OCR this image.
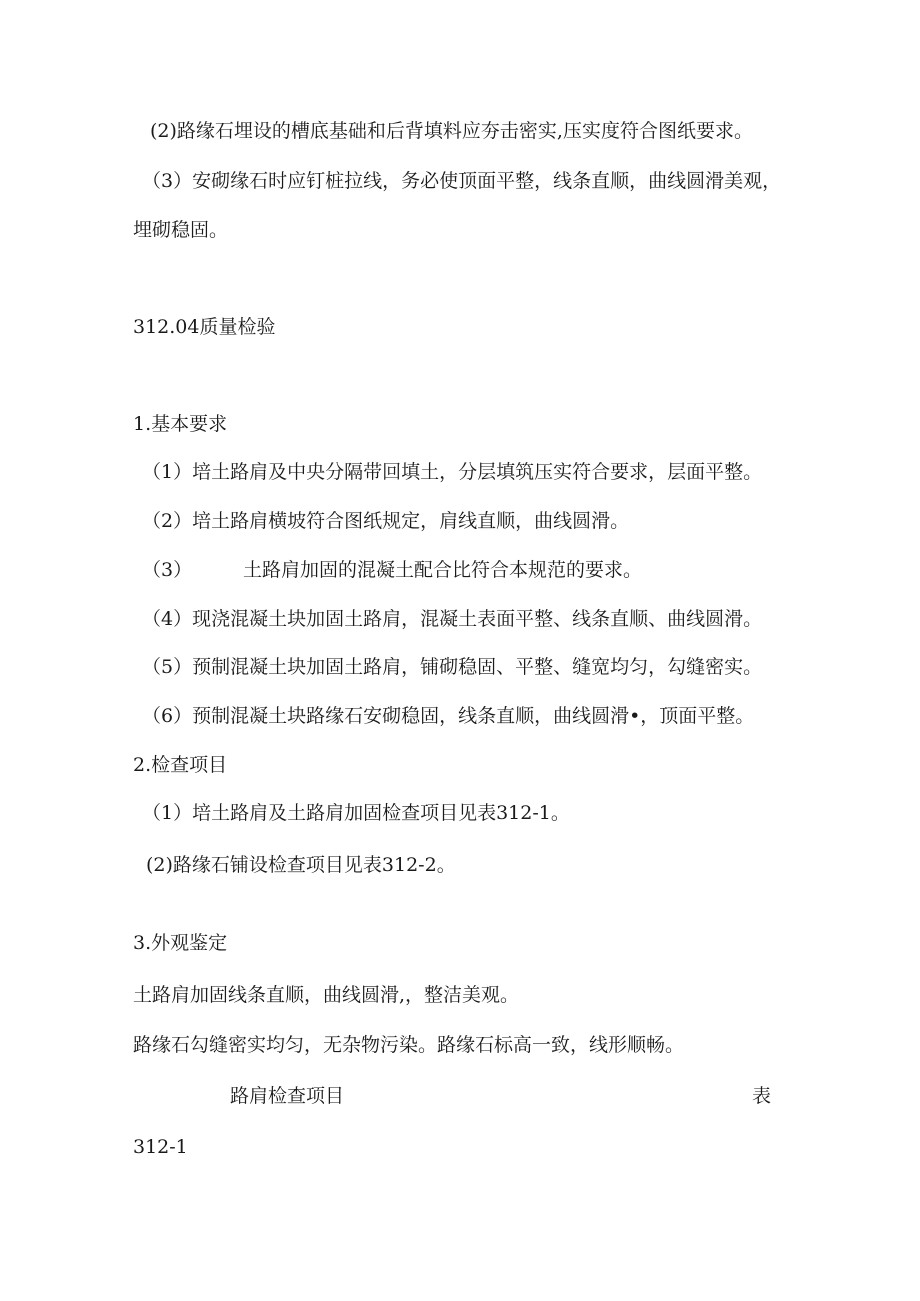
(2)路缘石埋设的槽底基础和后背填料应夯击密实,压实度符合图纸要求。
（3）安砌缘石时应钉桩拉线，务必使顶面平整，线条直顺，曲线圆滑美观，
埋砌稳固。
312.04质量检验
1.基本要求
（1）培土路肩及中央分隔带回填土，分层填筑压实符合要求，层面平整。
（2）培土路肩横坡符合图纸规定，肩线直顺，曲线圆滑。
（3）	土路肩加固的混凝土配合比符合本规范的要求。
（4）现浇混凝土块加固土路肩，混凝土表面平整、线条直顺、曲线圆滑。
（5）预制混凝土块加固土路肩，铺砌稳固、平整、缝宽均匀，勾缝密实。
（6）预制混凝土块路缘石安砌稳固，线条直顺，曲线圆滑•，顶面平整。
2.检查项目
（1）培土路肩及土路肩加固检查项目见表312-1。
(2)路缘石铺设检查项目见表312-2。
3.外观鉴定
土路肩加固线条直顺，曲线圆滑,，整洁美观。
路缘石勾缝密实均匀，无杂物污染。路缘石标高一致，线形顺畅。
路肩检查项目	表
312-1
